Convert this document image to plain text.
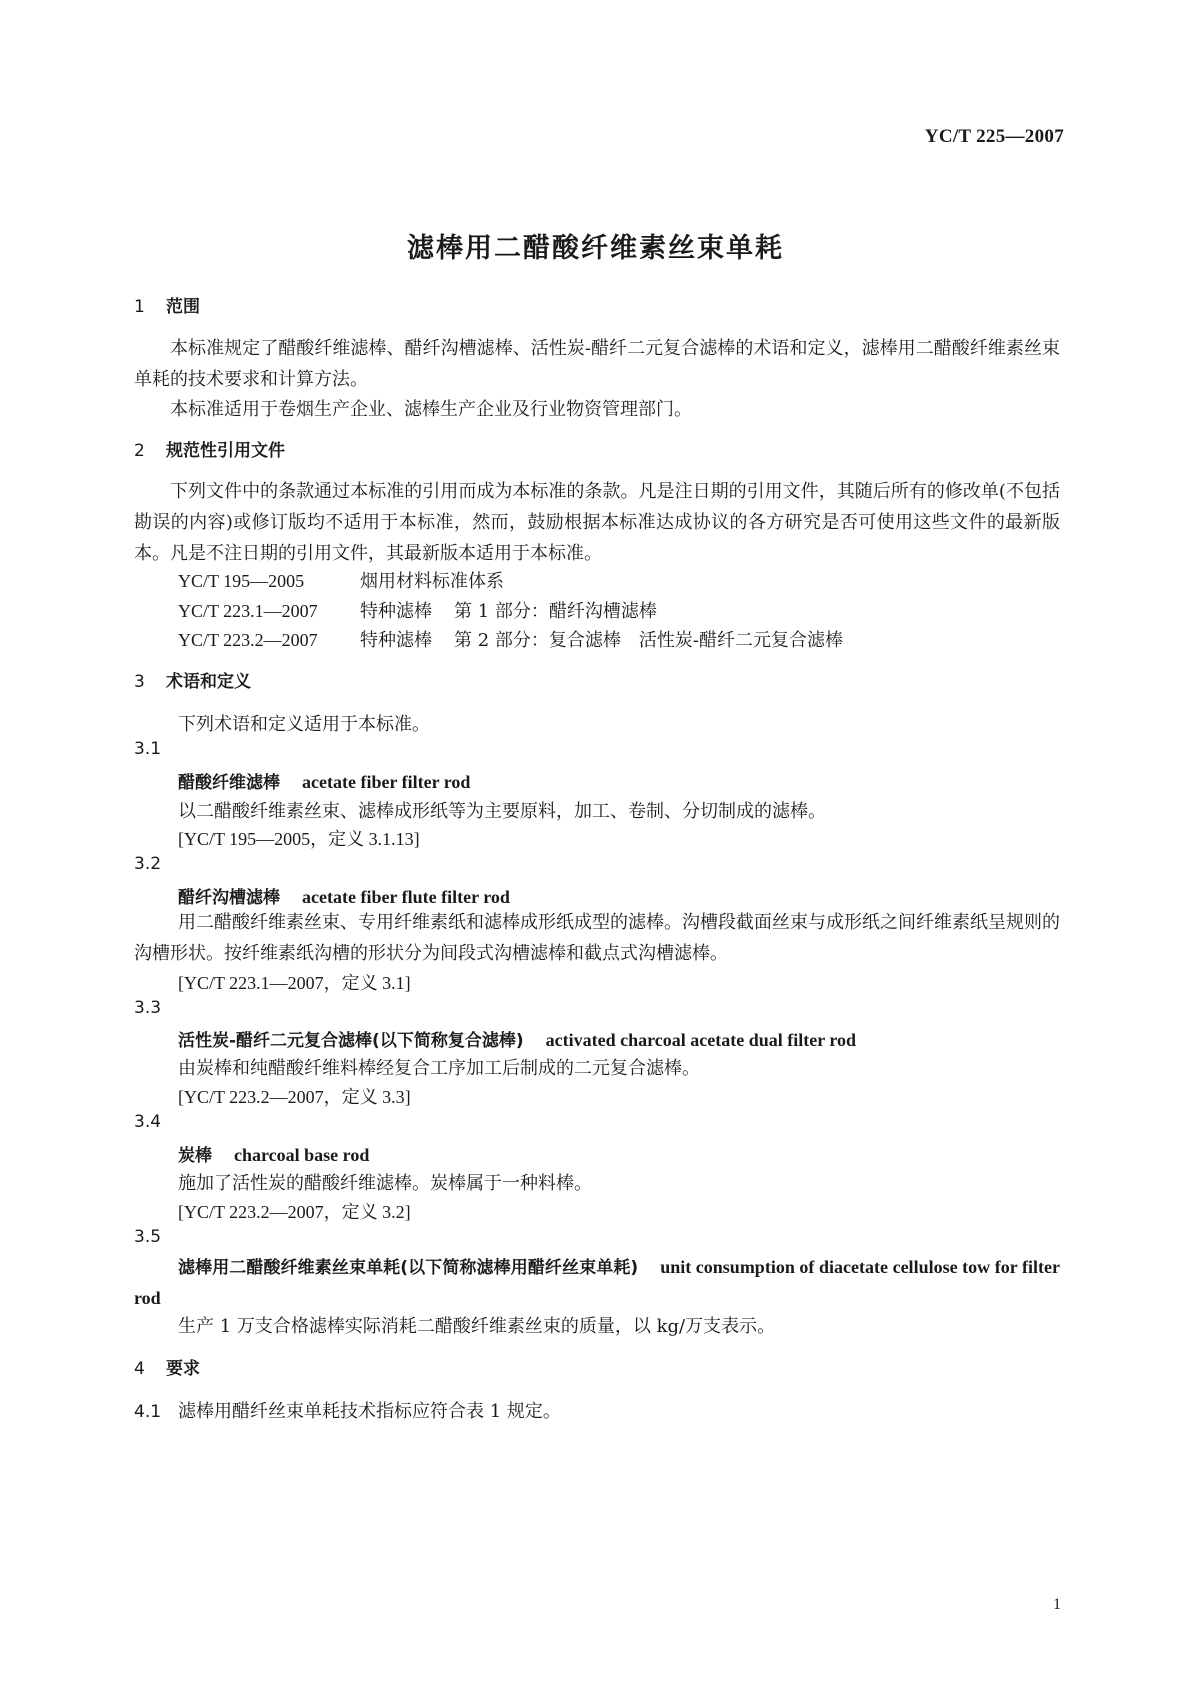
YC/T 225—2007
滤棒用二醋酸纤维素丝束单耗
1 范围
本标准规定了醋酸纤维滤棒、醋纤沟槽滤棒、活性炭-醋纤二元复合滤棒的术语和定义，滤棒用二醋酸纤维素丝束单耗的技术要求和计算方法。
本标准适用于卷烟生产企业、滤棒生产企业及行业物资管理部门。
2 规范性引用文件
下列文件中的条款通过本标准的引用而成为本标准的条款。凡是注日期的引用文件，其随后所有的修改单(不包括勘误的内容)或修订版均不适用于本标准，然而，鼓励根据本标准达成协议的各方研究是否可使用这些文件的最新版本。凡是不注日期的引用文件，其最新版本适用于本标准。
YC/T 195—2005	烟用材料标准体系
YC/T 223.1—2007 特种滤棒 第 1 部分：醋纤沟槽滤棒
YC/T 223.2—2007 特种滤棒 第 2 部分：复合滤棒　活性炭-醋纤二元复合滤棒
3 术语和定义
下列术语和定义适用于本标准。
3.1
醋酸纤维滤棒 acetate fiber filter rod
以二醋酸纤维素丝束、滤棒成形纸等为主要原料，加工、卷制、分切制成的滤棒。
[YC/T 195—2005，定义 3.1.13]
3.2
醋纤沟槽滤棒 acetate fiber flute filter rod
用二醋酸纤维素丝束、专用纤维素纸和滤棒成形纸成型的滤棒。沟槽段截面丝束与成形纸之间纤维素纸呈规则的沟槽形状。按纤维素纸沟槽的形状分为间段式沟槽滤棒和截点式沟槽滤棒。
[YC/T 223.1—2007，定义 3.1]
3.3
活性炭-醋纤二元复合滤棒(以下简称复合滤棒) activated charcoal acetate dual filter rod
由炭棒和纯醋酸纤维料棒经复合工序加工后制成的二元复合滤棒。
[YC/T 223.2—2007，定义 3.3]
3.4
炭棒 charcoal base rod
施加了活性炭的醋酸纤维滤棒。炭棒属于一种料棒。
[YC/T 223.2—2007，定义 3.2]
3.5
滤棒用二醋酸纤维素丝束单耗(以下简称滤棒用醋纤丝束单耗) unit consumption of diacetate cellulose tow for filter rod
生产 1 万支合格滤棒实际消耗二醋酸纤维素丝束的质量，以 kg/万支表示。
4 要求
4.1 滤棒用醋纤丝束单耗技术指标应符合表 1 规定。
1
